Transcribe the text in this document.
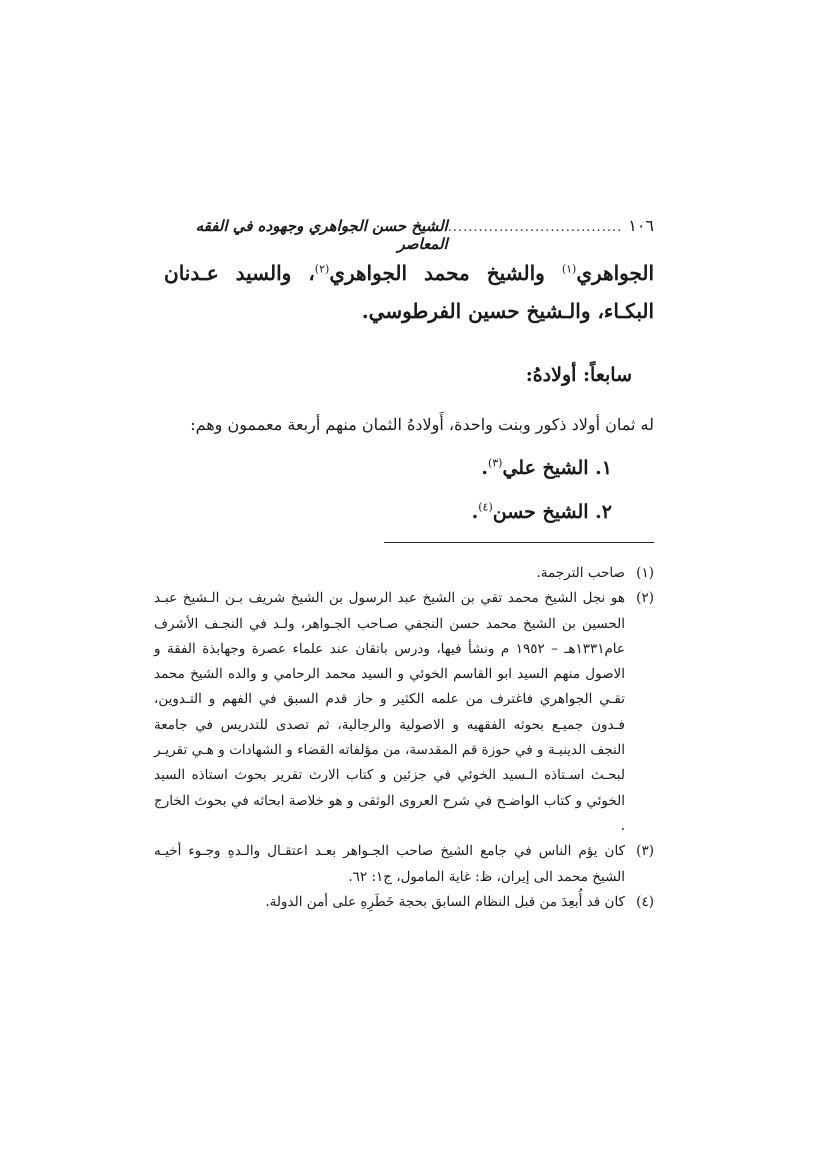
١٠٦
..................................
الشيخ حسن الجواهري وجهوده في الفقه المعاصر

الجواهري$^{(١)}$ والشيخ محمد الجواهري$^{(٢)}$، والسيد عـدنان البكـاء، والـشيخ حسين الفرطوسي.

سابعاً: أولادهُ:
له ثمان أولاد ذكور وبنت واحدة، أَولادهُ الثمان منهم أربعة معممون وهم:
١. الشيخ علي$^{(٣)}$.
٢. الشيخ حسن$^{(٤)}$.
(١)
صاحب الترجمة.
(٢)
هو نجل الشيخ محمد تقي بن الشيخ عبد الرسول بن الشيخ شريف بـن الـشيخ عبـد الحسين بن الشيخ محمد حسن النجفي صـاحب الجـواهر، ولـد في النجـف الأشرف عام١٣٣١هـ – ١٩٥٢ م ونشأ فيها، ودرس باتقان عند علماء عصرة وجهابذة الفقة و الاصول منهم السيد ابو القاسم الخوئي و السيد محمد الرحامي و والده الشيخ محمد تقـي الجواهري فاغترف من علمه الكثير و حاز قدم السبق في الفهم و التـدوين، فـدون جميـع بحوثه الفقهيه و الاصولية والرجالية، ثم تصدى للتدريس في جامعة النجف الدينيـة و في حوزة قم المقدسة، من مؤلفاته القضاء و الشهادات و هـي تقريـر لبحـث اسـتاذه الـسيد الخوئي في جزئين و كتاب الارث تقرير بحوث استاذه السيد الخوئي و كتاب الواضـح في شرح العروى الوثقى و هو خلاصة ابحاثه في بحوث الخارج .
(٣)
كان يؤم الناس في جامع الشيخ صاحب الجـواهر بعـد اعتقـال والـدهِ وجـوء أخيـه الشيخ محمد الى إيران، ظ: غاية المامول، ج١: ٦٢.
(٤)
كان قد أُبعِدَ من قبل النظام السابق بحجة خَطَرِهِ على أمن الدولة.
